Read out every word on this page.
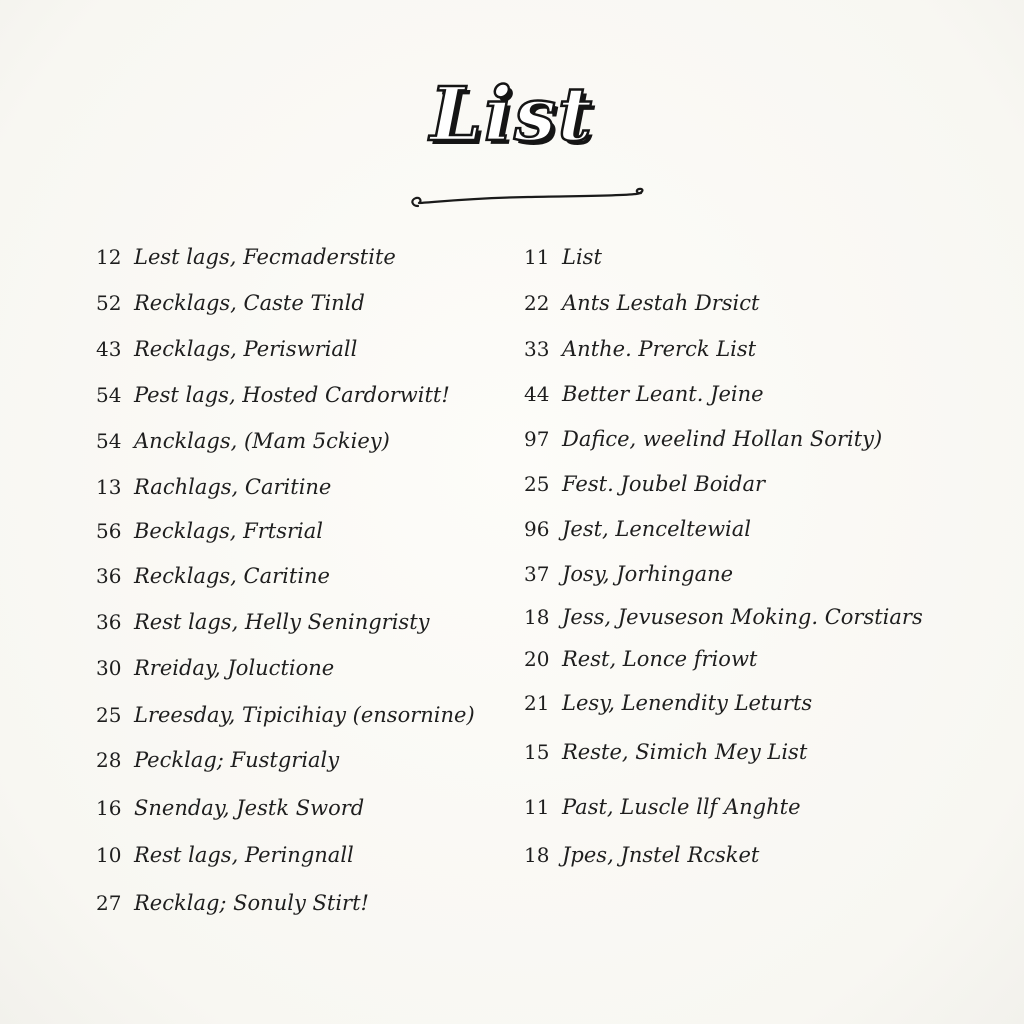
List
12 Lest lags, Fecmaderstite
52 Recklags, Caste Tinld
43 Recklags, Periswriall
54 Pest lags, Hosted Cardorwitt!
54 Ancklags, (Mam 5ckiey)
13 Rachlags, Caritine
56 Becklags, Frtsrial
36 Recklags, Caritine
36 Rest lags, Helly Seningristy
30 Rreiday, Joluctione
25 Lreesday, Tipicihiay (ensornine)
28 Pecklag; Fustgrialy
16 Snenday, Jestk Sword
10 Rest lags, Peringnall
27 Recklag; Sonuly Stirt!
11 List
22 Ants Lestah Drsict
33 Anthe. Prerck List
44 Better Leant. Jeine
97 Dafice, weelind Hollan Sority)
25 Fest. Joubel Boidar
96 Jest, Lenceltewial
37 Josy, Jorhingane
18 Jess, Jevuseson Moking. Corstiars
20 Rest, Lonce friowt
21 Lesy, Lenendity Leturts
15 Reste, Simich Mey List
11 Past, Luscle llf Anghte
18 Jpes, Jnstel Rcsket
